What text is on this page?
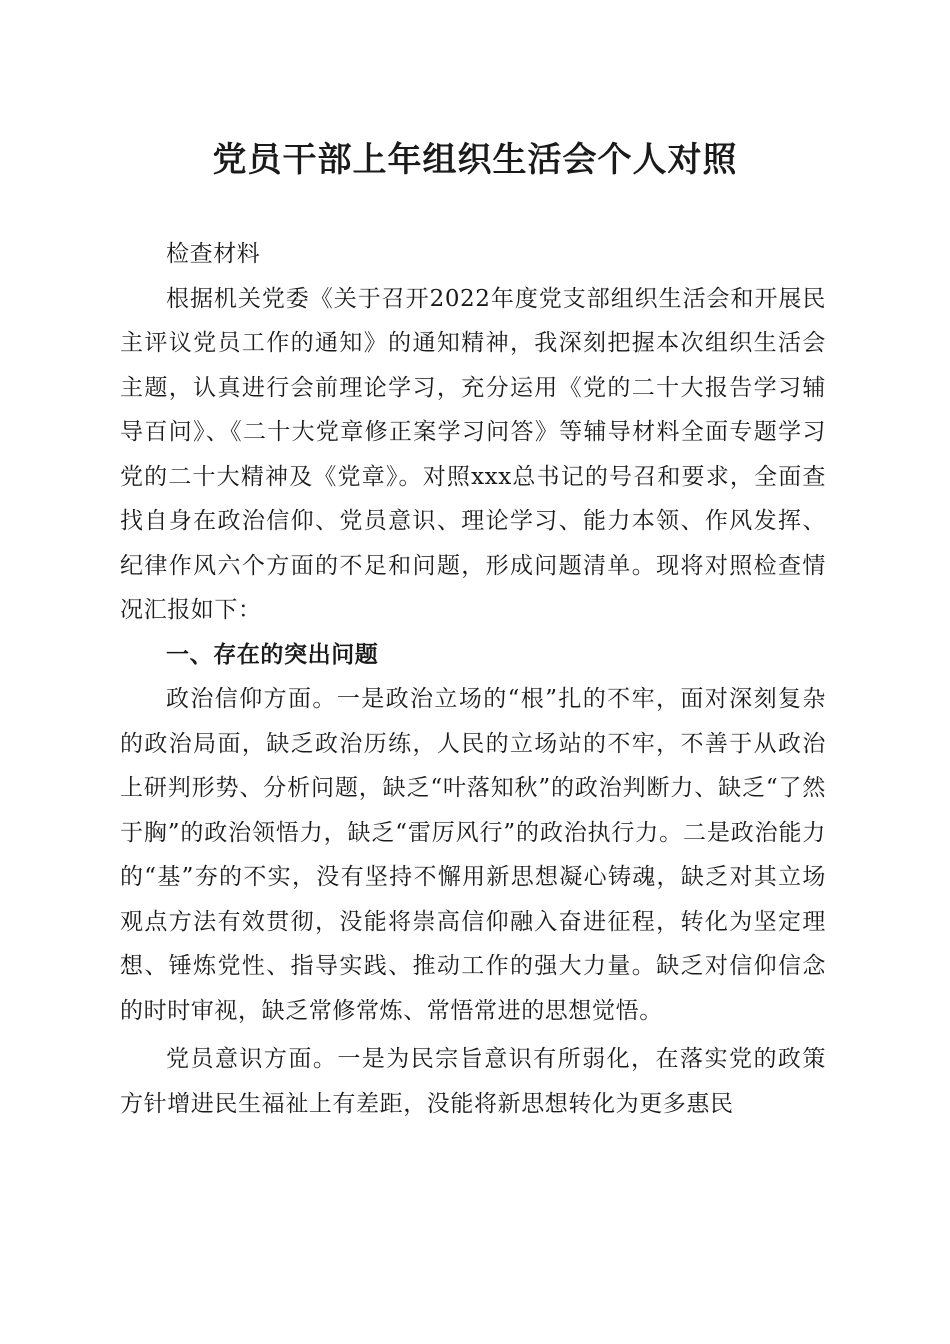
党员干部上年组织生活会个人对照

检查材料

根据机关党委《关于召开2022年度党支部组织生活会和开展民主评议党员工作的通知》的通知精神，我深刻把握本次组织生活会主题，认真进行会前理论学习，充分运用《党的二十大报告学习辅导百问》、《二十大党章修正案学习问答》等辅导材料全面专题学习党的二十大精神及《党章》。对照xxx总书记的号召和要求，全面查找自身在政治信仰、党员意识、理论学习、能力本领、作风发挥、纪律作风六个方面的不足和问题，形成问题清单。现将对照检查情况汇报如下：

一、存在的突出问题

政治信仰方面。一是政治立场的“根”扎的不牢，面对深刻复杂的政治局面，缺乏政治历练，人民的立场站的不牢，不善于从政治上研判形势、分析问题，缺乏“叶落知秋”的政治判断力、缺乏“了然于胸”的政治领悟力，缺乏“雷厉风行”的政治执行力。二是政治能力的“基”夯的不实，没有坚持不懈用新思想凝心铸魂，缺乏对其立场观点方法有效贯彻，没能将崇高信仰融入奋进征程，转化为坚定理想、锤炼党性、指导实践、推动工作的强大力量。缺乏对信仰信念的时时审视，缺乏常修常炼、常悟常进的思想觉悟。

党员意识方面。一是为民宗旨意识有所弱化，在落实党的政策方针增进民生福祉上有差距，没能将新思想转化为更多惠民
